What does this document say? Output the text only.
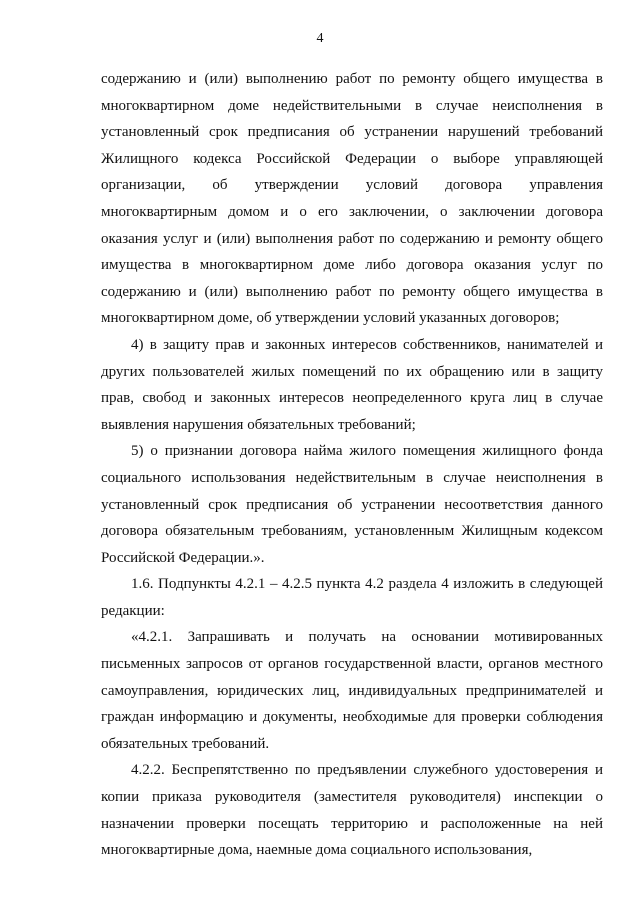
4

содержанию и (или) выполнению работ по ремонту общего имущества в многоквартирном доме недействительными в случае неисполнения в установленный срок предписания об устранении нарушений требований Жилищного кодекса Российской Федерации о выборе управляющей организации, об утверждении условий договора управления многоквартирным домом и о его заключении, о заключении договора оказания услуг и (или) выполнения работ по содержанию и ремонту общего имущества в многоквартирном доме либо договора оказания услуг по содержанию и (или) выполнению работ по ремонту общего имущества в многоквартирном доме, об утверждении условий указанных договоров;

4) в защиту прав и законных интересов собственников, нанимателей и других пользователей жилых помещений по их обращению или в защиту прав, свобод и законных интересов неопределенного круга лиц в случае выявления нарушения обязательных требований;

5) о признании договора найма жилого помещения жилищного фонда социального использования недействительным в случае неисполнения в установленный срок предписания об устранении несоответствия данного договора обязательным требованиям, установленным Жилищным кодексом Российской Федерации.».

1.6. Подпункты 4.2.1 – 4.2.5 пункта 4.2 раздела 4 изложить в следующей редакции:

«4.2.1. Запрашивать и получать на основании мотивированных письменных запросов от органов государственной власти, органов местного самоуправления, юридических лиц, индивидуальных предпринимателей и граждан информацию и документы, необходимые для проверки соблюдения обязательных требований.

4.2.2. Беспрепятственно по предъявлении служебного удостоверения и копии приказа руководителя (заместителя руководителя) инспекции о назначении проверки посещать территорию и расположенные на ней многоквартирные дома, наемные дома социального использования,
